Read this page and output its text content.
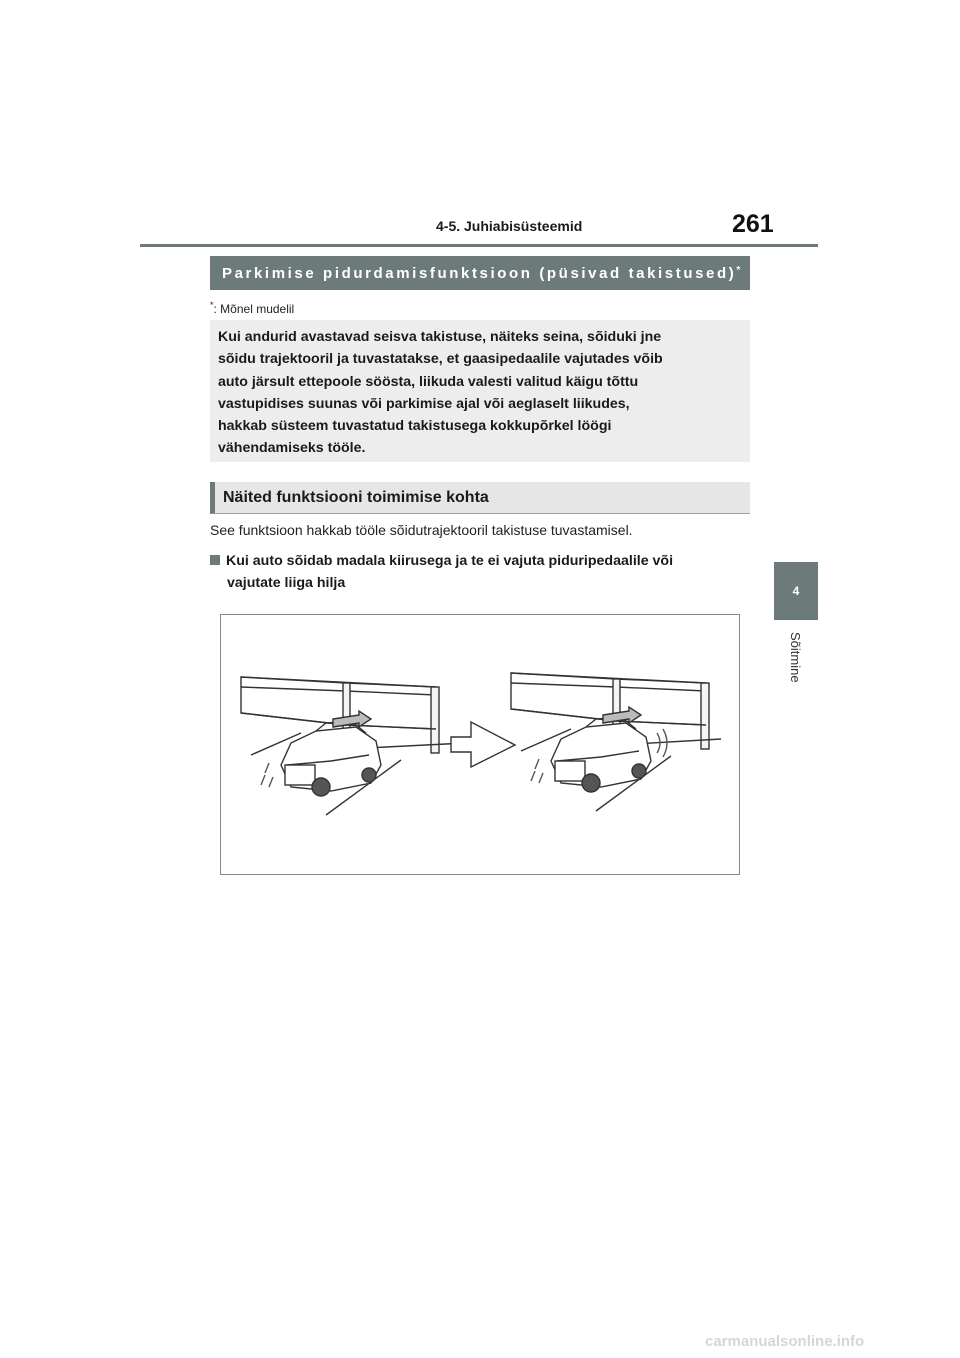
4-5. Juhiabisüsteemid	261
4
Sõitmine
Parkimise pidurdamisfunktsioon (püsivad takistused)*
*: Mõnel mudelil
Kui andurid avastavad seisva takistuse, näiteks seina, sõiduki jne
sõidu trajektooril ja tuvastatakse, et gaasipedaalile vajutades võib
auto järsult ettepoole söösta, liikuda valesti valitud käigu tõttu
vastupidises suunas või parkimise ajal või aeglaselt liikudes,
hakkab süsteem tuvastatud takistusega kokkupõrkel löögi
vähendamiseks tööle.
Näited funktsiooni toimimise kohta
See funktsioon hakkab tööle sõidutrajektooril takistuse tuvastamisel.
Kui auto sõidab madala kiirusega ja te ei vajuta piduripedaalile või
vajutate liiga hilja
carmanualsonline.info
